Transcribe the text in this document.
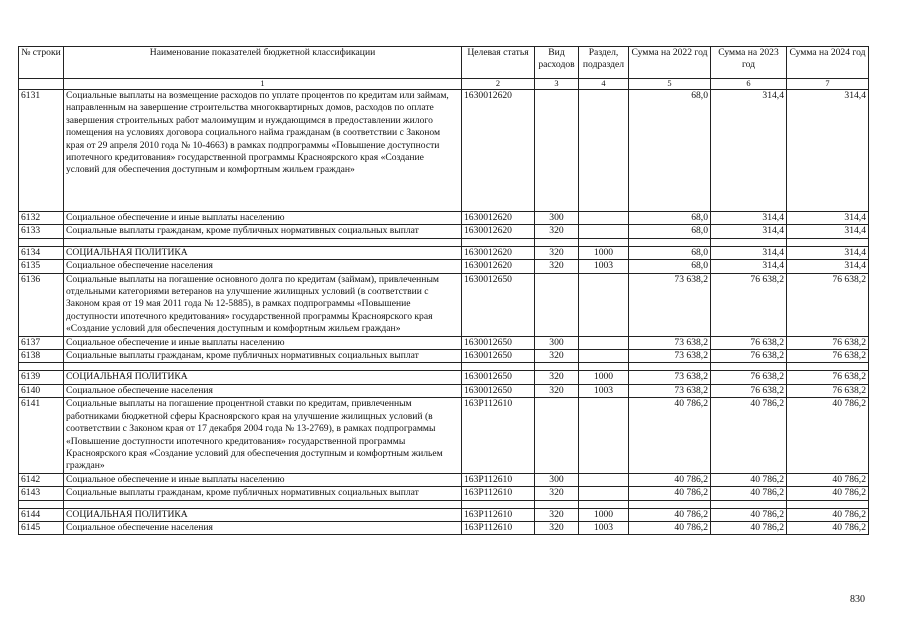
№ строки	Наименование показателей бюджетной классификации	Целевая статья	Вид расходов	Раздел, подраздел	Сумма на 2022 год	Сумма на 2023 год	Сумма на 2024 год
	1	2	3	4	5	6	7
6131	Социальные выплаты на возмещение расходов по уплате процентов по кредитам или займам, направленным на завершение строительства многоквартирных домов, расходов по оплате завершения строительных работ малоимущим и нуждающимся в предоставлении жилого помещения на условиях договора социального найма гражданам (в соответствии с Законом края от 29 апреля 2010 года № 10-4663) в рамках подпрограммы «Повышение доступности ипотечного кредитования» государственной программы Красноярского края «Создание условий для обеспечения доступным и комфортным жильем граждан»	1630012620			68,0	314,4	314,4
6132	Социальное обеспечение и иные выплаты населению	1630012620	300		68,0	314,4	314,4
6133	Социальные выплаты гражданам, кроме публичных нормативных социальных выплат	1630012620	320		68,0	314,4	314,4

6134	СОЦИАЛЬНАЯ ПОЛИТИКА	1630012620	320	1000	68,0	314,4	314,4
6135	Социальное обеспечение населения	1630012620	320	1003	68,0	314,4	314,4
6136	Социальные выплаты на погашение основного долга по кредитам (займам), привлеченным отдельными категориями ветеранов на улучшение жилищных условий (в соответствии с Законом края от 19 мая 2011 года № 12-5885), в рамках подпрограммы «Повышение доступности ипотечного кредитования» государственной программы Красноярского края «Создание условий для обеспечения доступным и комфортным жильем граждан»	1630012650			73 638,2	76 638,2	76 638,2
6137	Социальное обеспечение и иные выплаты населению	1630012650	300		73 638,2	76 638,2	76 638,2
6138	Социальные выплаты гражданам, кроме публичных нормативных социальных выплат	1630012650	320		73 638,2	76 638,2	76 638,2

6139	СОЦИАЛЬНАЯ ПОЛИТИКА	1630012650	320	1000	73 638,2	76 638,2	76 638,2
6140	Социальное обеспечение населения	1630012650	320	1003	73 638,2	76 638,2	76 638,2
6141	Социальные выплаты на погашение процентной ставки по кредитам, привлеченным работниками бюджетной сферы Красноярского края на улучшение жилищных условий (в соответствии с Законом края от 17 декабря 2004 года № 13-2769), в рамках подпрограммы «Повышение доступности ипотечного кредитования» государственной программы Красноярского края «Создание условий для обеспечения доступным и комфортным жильем граждан»	163P112610			40 786,2	40 786,2	40 786,2
6142	Социальное обеспечение и иные выплаты населению	163P112610	300		40 786,2	40 786,2	40 786,2
6143	Социальные выплаты гражданам, кроме публичных нормативных социальных выплат	163P112610	320		40 786,2	40 786,2	40 786,2

6144	СОЦИАЛЬНАЯ ПОЛИТИКА	163P112610	320	1000	40 786,2	40 786,2	40 786,2
6145	Социальное обеспечение населения	163P112610	320	1003	40 786,2	40 786,2	40 786,2
830
